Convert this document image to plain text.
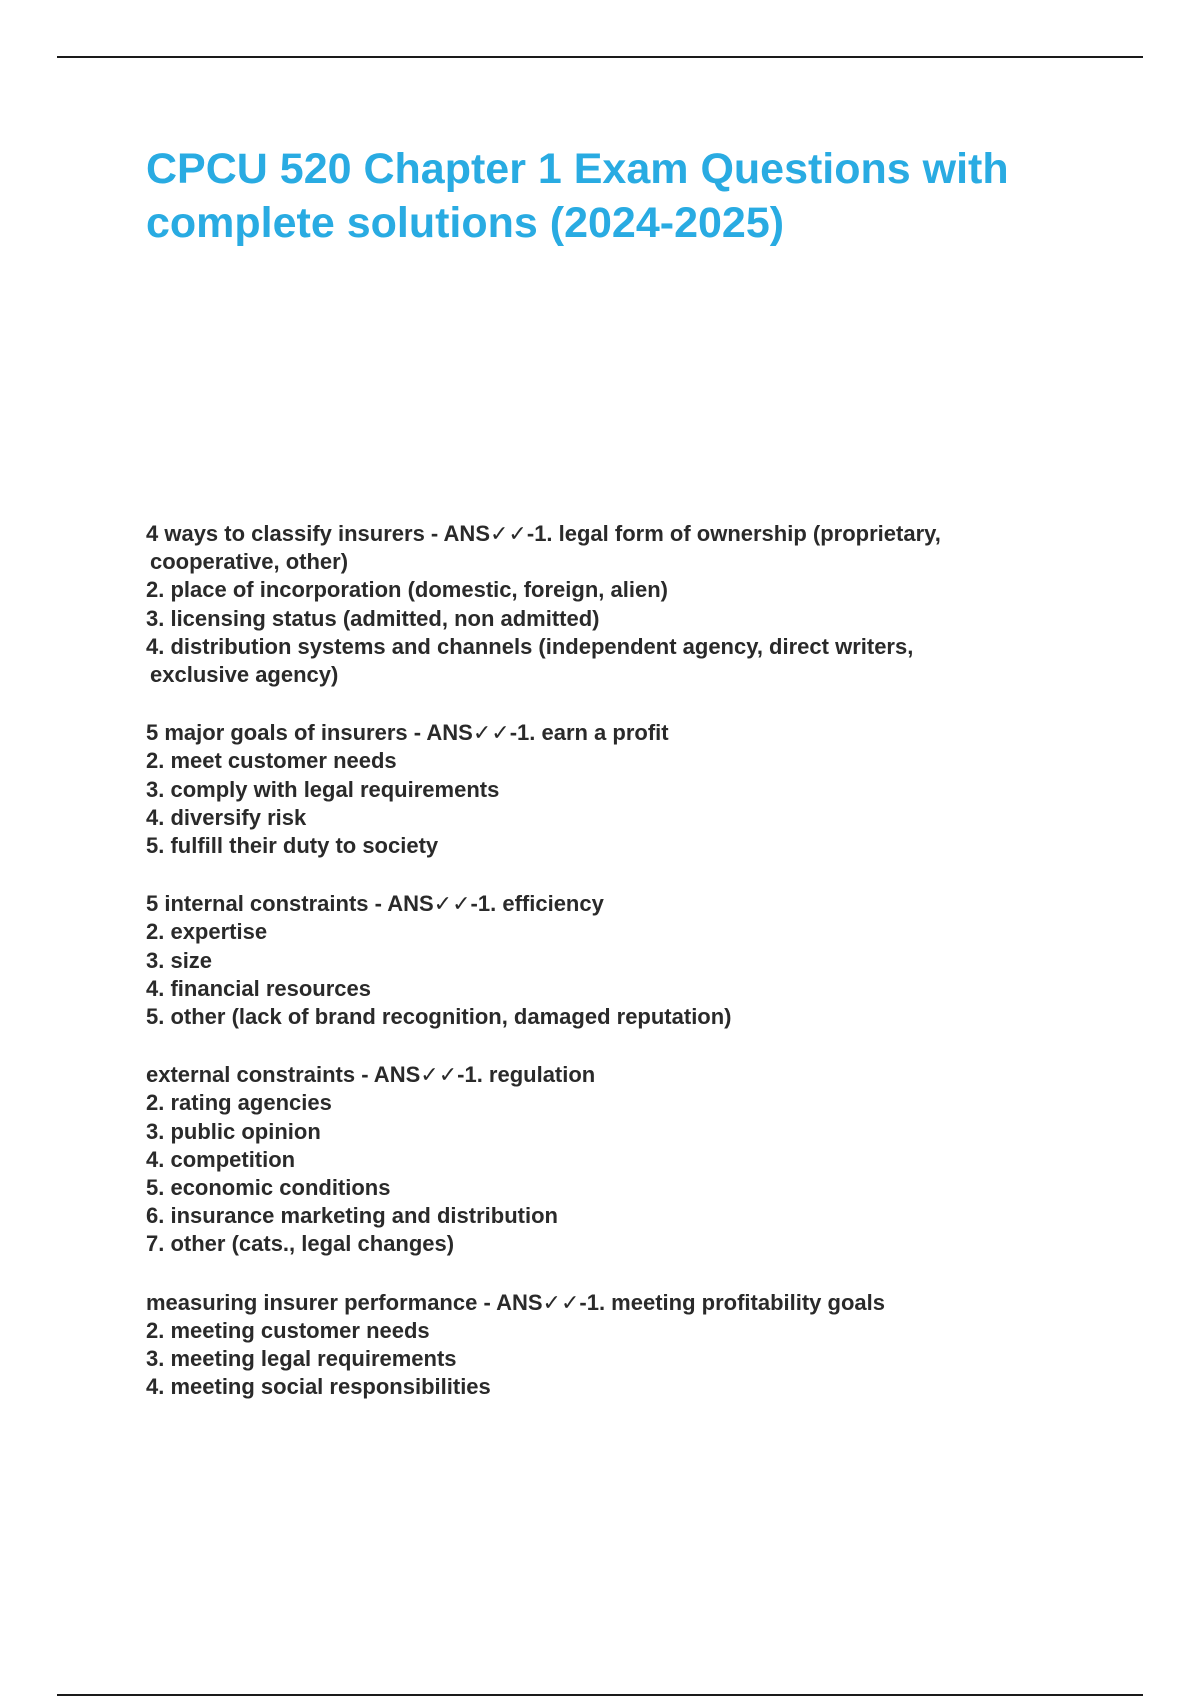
CPCU 520 Chapter 1 Exam Questions with complete solutions (2024-2025)
4 ways to classify insurers - ANS✓✓-1. legal form of ownership (proprietary,
cooperative, other)
2. place of incorporation (domestic, foreign, alien)
3. licensing status (admitted, non admitted)
4. distribution systems and channels (independent agency, direct writers,
exclusive agency)
5 major goals of insurers - ANS✓✓-1. earn a profit
2. meet customer needs
3. comply with legal requirements
4. diversify risk
5. fulfill their duty to society
5 internal constraints - ANS✓✓-1. efficiency
2. expertise
3. size
4. financial resources
5. other (lack of brand recognition, damaged reputation)
external constraints - ANS✓✓-1. regulation
2. rating agencies
3. public opinion
4. competition
5. economic conditions
6. insurance marketing and distribution
7. other (cats., legal changes)
measuring insurer performance - ANS✓✓-1. meeting profitability goals
2. meeting customer needs
3. meeting legal requirements
4. meeting social responsibilities
